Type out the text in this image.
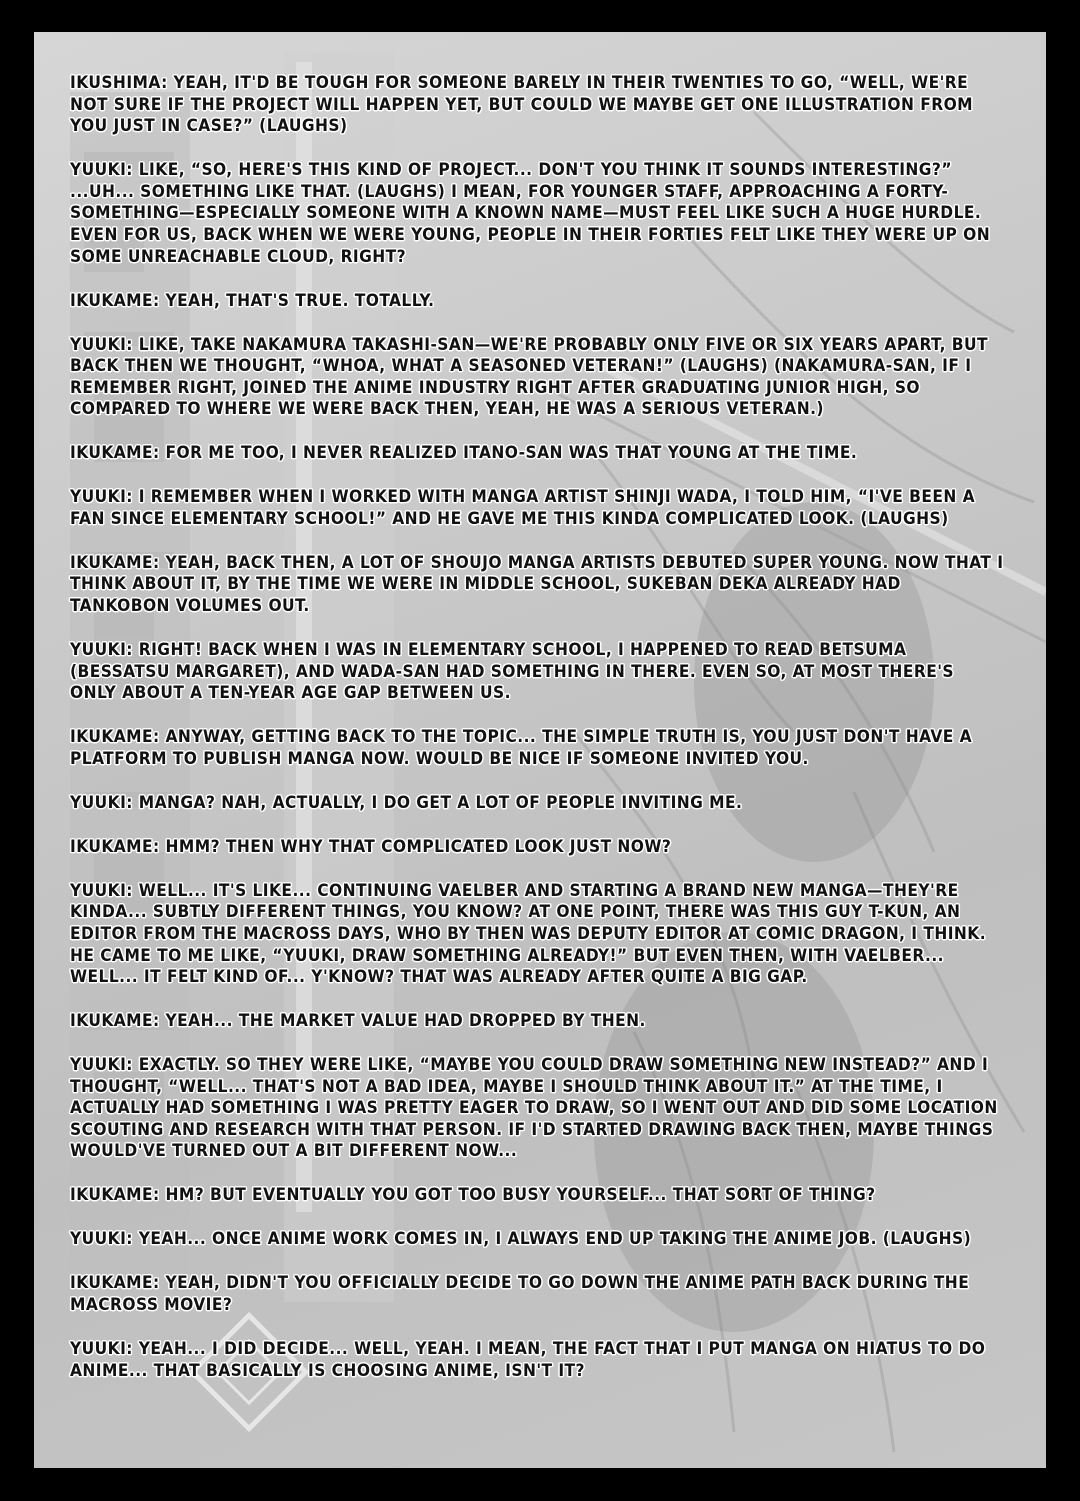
IKUSHIMA: YEAH, IT'D BE TOUGH FOR SOMEONE BARELY IN THEIR TWENTIES TO GO, “WELL, WE'RE NOT SURE IF THE PROJECT WILL HAPPEN YET, BUT COULD WE MAYBE GET ONE ILLUSTRATION FROM YOU JUST IN CASE?” (LAUGHS)

YUUKI: LIKE, “SO, HERE'S THIS KIND OF PROJECT... DON'T YOU THINK IT SOUNDS INTERESTING?” ...UH... SOMETHING LIKE THAT. (LAUGHS) I MEAN, FOR YOUNGER STAFF, APPROACHING A FORTY-SOMETHING—ESPECIALLY SOMEONE WITH A KNOWN NAME—MUST FEEL LIKE SUCH A HUGE HURDLE. EVEN FOR US, BACK WHEN WE WERE YOUNG, PEOPLE IN THEIR FORTIES FELT LIKE THEY WERE UP ON SOME UNREACHABLE CLOUD, RIGHT?

IKUKAME: YEAH, THAT'S TRUE. TOTALLY.

YUUKI: LIKE, TAKE NAKAMURA TAKASHI-SAN—WE'RE PROBABLY ONLY FIVE OR SIX YEARS APART, BUT BACK THEN WE THOUGHT, “WHOA, WHAT A SEASONED VETERAN!” (LAUGHS) (NAKAMURA-SAN, IF I REMEMBER RIGHT, JOINED THE ANIME INDUSTRY RIGHT AFTER GRADUATING JUNIOR HIGH, SO COMPARED TO WHERE WE WERE BACK THEN, YEAH, HE WAS A SERIOUS VETERAN.)

IKUKAME: FOR ME TOO, I NEVER REALIZED ITANO-SAN WAS THAT YOUNG AT THE TIME.

YUUKI: I REMEMBER WHEN I WORKED WITH MANGA ARTIST SHINJI WADA, I TOLD HIM, “I'VE BEEN A FAN SINCE ELEMENTARY SCHOOL!” AND HE GAVE ME THIS KINDA COMPLICATED LOOK. (LAUGHS)

IKUKAME: YEAH, BACK THEN, A LOT OF SHOUJO MANGA ARTISTS DEBUTED SUPER YOUNG. NOW THAT I THINK ABOUT IT, BY THE TIME WE WERE IN MIDDLE SCHOOL, SUKEBAN DEKA ALREADY HAD TANKOBON VOLUMES OUT.

YUUKI: RIGHT! BACK WHEN I WAS IN ELEMENTARY SCHOOL, I HAPPENED TO READ BETSUMA (BESSATSU MARGARET), AND WADA-SAN HAD SOMETHING IN THERE. EVEN SO, AT MOST THERE'S ONLY ABOUT A TEN-YEAR AGE GAP BETWEEN US.

IKUKAME: ANYWAY, GETTING BACK TO THE TOPIC... THE SIMPLE TRUTH IS, YOU JUST DON'T HAVE A PLATFORM TO PUBLISH MANGA NOW. WOULD BE NICE IF SOMEONE INVITED YOU.

YUUKI: MANGA? NAH, ACTUALLY, I DO GET A LOT OF PEOPLE INVITING ME.

IKUKAME: HMM? THEN WHY THAT COMPLICATED LOOK JUST NOW?

YUUKI: WELL... IT'S LIKE... CONTINUING VAELBER AND STARTING A BRAND NEW MANGA—THEY'RE KINDA... SUBTLY DIFFERENT THINGS, YOU KNOW? AT ONE POINT, THERE WAS THIS GUY T-KUN, AN EDITOR FROM THE MACROSS DAYS, WHO BY THEN WAS DEPUTY EDITOR AT COMIC DRAGON, I THINK. HE CAME TO ME LIKE, “YUUKI, DRAW SOMETHING ALREADY!” BUT EVEN THEN, WITH VAELBER... WELL... IT FELT KIND OF... Y'KNOW? THAT WAS ALREADY AFTER QUITE A BIG GAP.

IKUKAME: YEAH... THE MARKET VALUE HAD DROPPED BY THEN.

YUUKI: EXACTLY. SO THEY WERE LIKE, “MAYBE YOU COULD DRAW SOMETHING NEW INSTEAD?” AND I THOUGHT, “WELL... THAT'S NOT A BAD IDEA, MAYBE I SHOULD THINK ABOUT IT.” AT THE TIME, I ACTUALLY HAD SOMETHING I WAS PRETTY EAGER TO DRAW, SO I WENT OUT AND DID SOME LOCATION SCOUTING AND RESEARCH WITH THAT PERSON. IF I'D STARTED DRAWING BACK THEN, MAYBE THINGS WOULD'VE TURNED OUT A BIT DIFFERENT NOW...

IKUKAME: HM? BUT EVENTUALLY YOU GOT TOO BUSY YOURSELF... THAT SORT OF THING?

YUUKI: YEAH... ONCE ANIME WORK COMES IN, I ALWAYS END UP TAKING THE ANIME JOB. (LAUGHS)

IKUKAME: YEAH, DIDN'T YOU OFFICIALLY DECIDE TO GO DOWN THE ANIME PATH BACK DURING THE MACROSS MOVIE?

YUUKI: YEAH... I DID DECIDE... WELL, YEAH. I MEAN, THE FACT THAT I PUT MANGA ON HIATUS TO DO ANIME... THAT BASICALLY IS CHOOSING ANIME, ISN'T IT?
